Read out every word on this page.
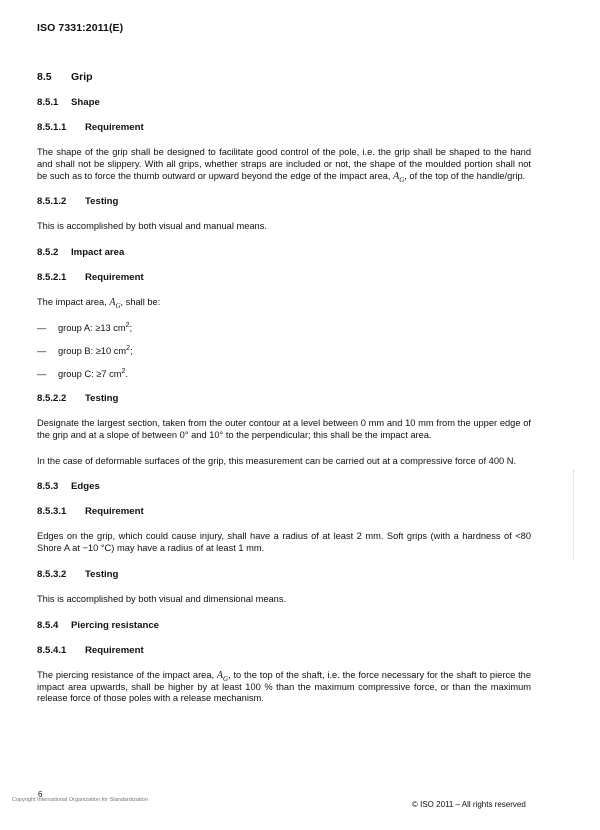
ISO 7331:2011(E)
8.5 Grip
8.5.1 Shape
8.5.1.1 Requirement

The shape of the grip shall be designed to facilitate good control of the pole, i.e. the grip shall be shaped to the hand and shall not be slippery. With all grips, whether straps are included or not, the shape of the moulded portion shall not be such as to force the thumb outward or upward beyond the edge of the impact area, $A_G$, of the top of the handle/grip.

8.5.1.2 Testing

This is accomplished by both visual and manual means.

8.5.2 Impact area
8.5.2.1 Requirement

The impact area, $A_G$, shall be:

—	group A: ≥13 $cm^2$;
—	group B: ≥10 $cm^2$;
—	group C: ≥7 $cm^2$.
8.5.2.2 Testing

Designate the largest section, taken from the outer contour at a level between 0 mm and 10 mm from the upper edge of the grip and at a slope of between 0° and 10° to the perpendicular; this shall be the impact area.

In the case of deformable surfaces of the grip, this measurement can be carried out at a compressive force of 400 N.

8.5.3 Edges
8.5.3.1 Requirement

Edges on the grip, which could cause injury, shall have a radius of at least 2 mm. Soft grips (with a hardness of <80 Shore A at −10 °C) may have a radius of at least 1 mm.

8.5.3.2 Testing

This is accomplished by both visual and dimensional means.

8.5.4 Piercing resistance
8.5.4.1 Requirement

The piercing resistance of the impact area, $A_G$, to the top of the shaft, i.e. the force necessary for the shaft to pierce the impact area upwards, shall be higher by at least 100 % than the maximum compressive force, or than the maximum release force of those poles with a release mechanism.

6
Copyright International Organization for Standardization	© ISO 2011 – All rights reserved
